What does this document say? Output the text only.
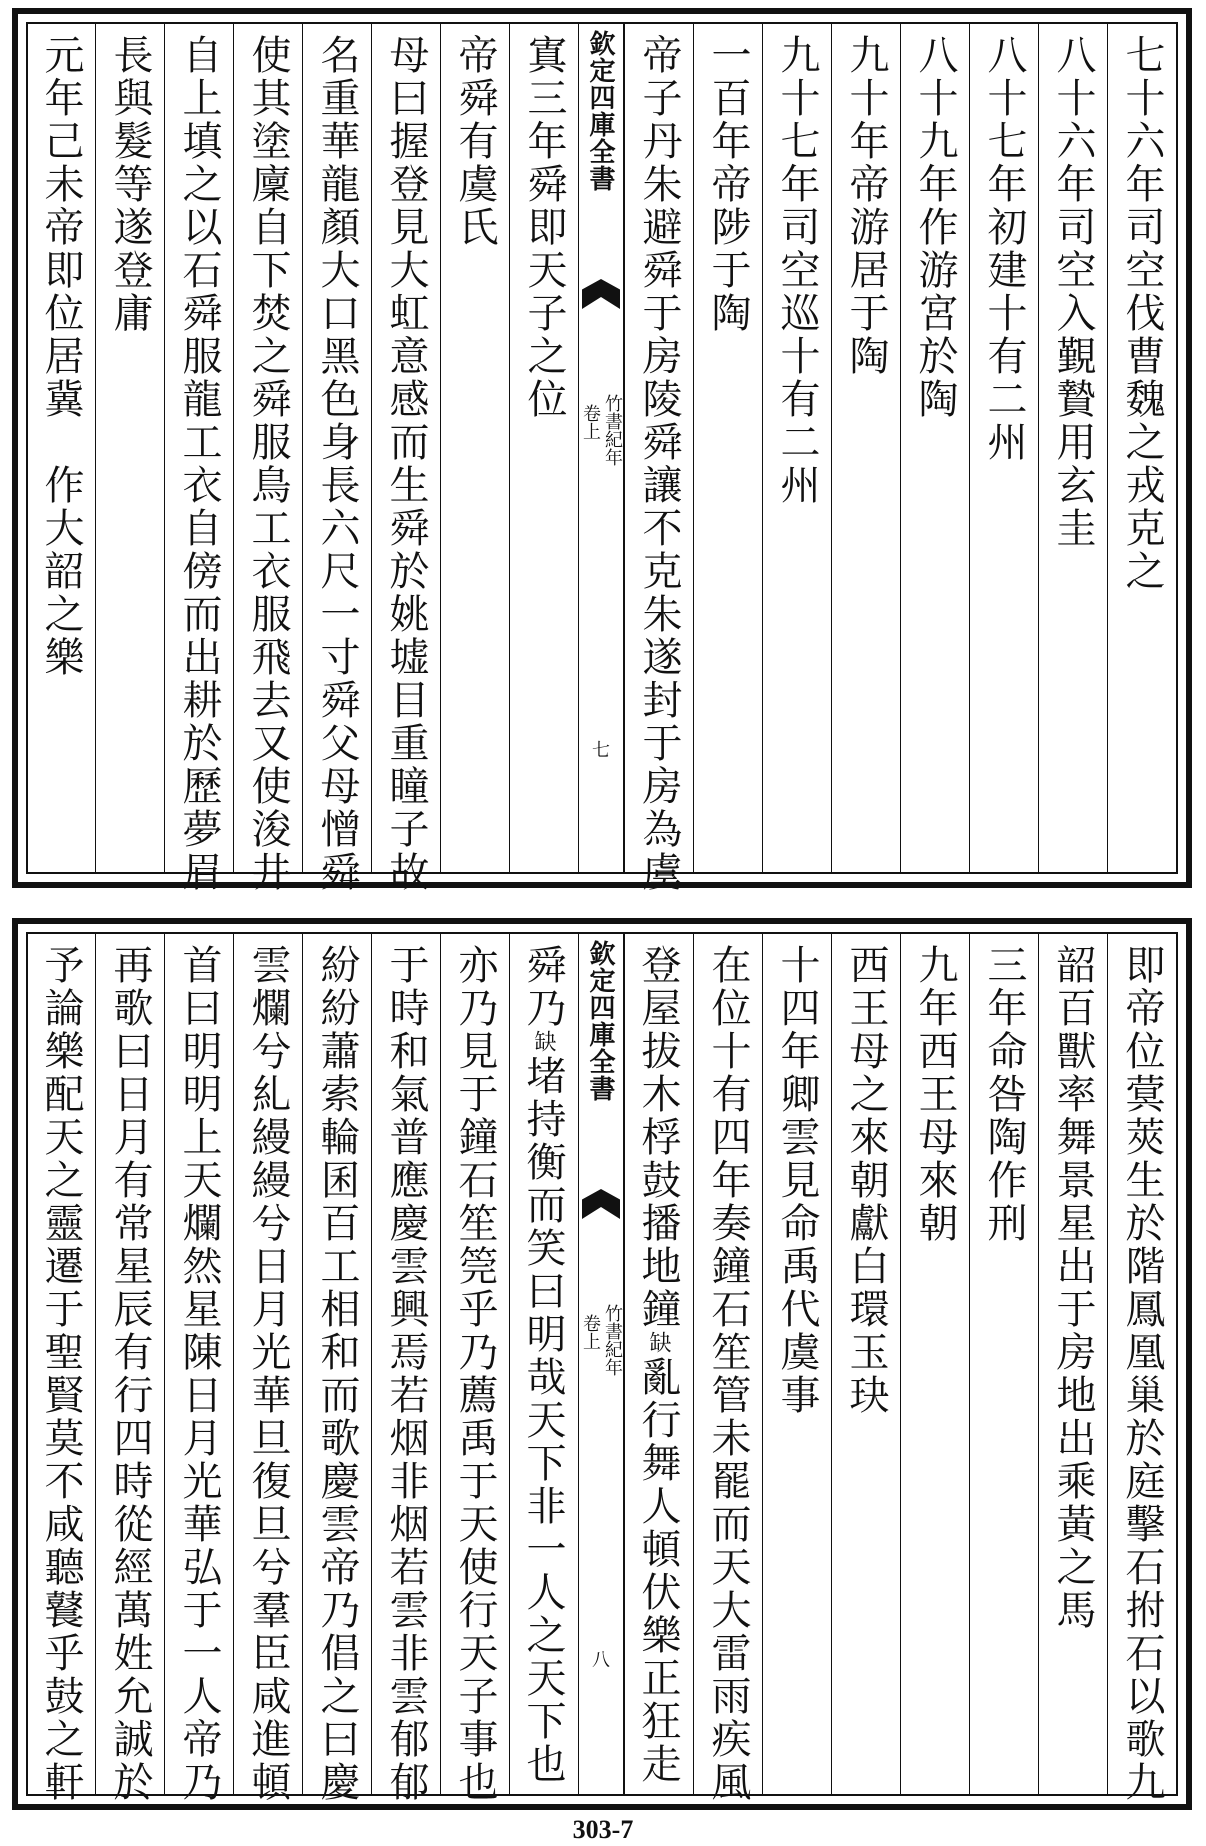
七十六年司空伐曹魏之戎克之
八十六年司空入覲贄用玄圭
八十七年初建十有二州
八十九年作游宮於陶
九十年帝游居于陶
九十七年司空巡十有二州
一百年帝陟于陶
帝子丹朱避舜于房陵舜讓不克朱遂封于房為虞
欽定四庫全書
竹書紀年
卷上
七
寘三年舜即天子之位
帝舜有虞氏
母曰握登見大虹意感而生舜於姚墟目重瞳子故
名重華龍顏大口黑色身長六尺一寸舜父母憎舜
使其塗廩自下焚之舜服鳥工衣服飛去又使浚井
自上填之以石舜服龍工衣自傍而出耕於歷夢眉
長與髮等遂登庸
元年己未帝即位居冀　作大韶之樂
即帝位蓂莢生於階鳳凰巢於庭擊石拊石以歌九
韶百獸率舞景星出于房地出乘黃之馬
三年命咎陶作刑
九年西王母來朝
西王母之來朝獻白環玉玦
十四年卿雲見命禹代虞事
在位十有四年奏鐘石笙管未罷而天大雷雨疾風
登屋拔木桴鼓播地鐘缺亂行舞人頓伏樂正狂走
欽定四庫全書
竹書紀年
卷上
八
舜乃缺堵持衡而笑曰明哉天下非一人之天下也
亦乃見于鐘石笙筦乎乃薦禹于天使行天子事也
于時和氣普應慶雲興焉若烟非烟若雲非雲郁郁
紛紛蕭索輪囷百工相和而歌慶雲帝乃倡之曰慶
雲爛兮糺縵縵兮日月光華旦復旦兮羣臣咸進頓
首曰明明上天爛然星陳日月光華弘于一人帝乃
再歌曰日月有常星辰有行四時從經萬姓允誠於
予論樂配天之靈遷于聖賢莫不咸聽鼚乎鼓之軒
303-7
